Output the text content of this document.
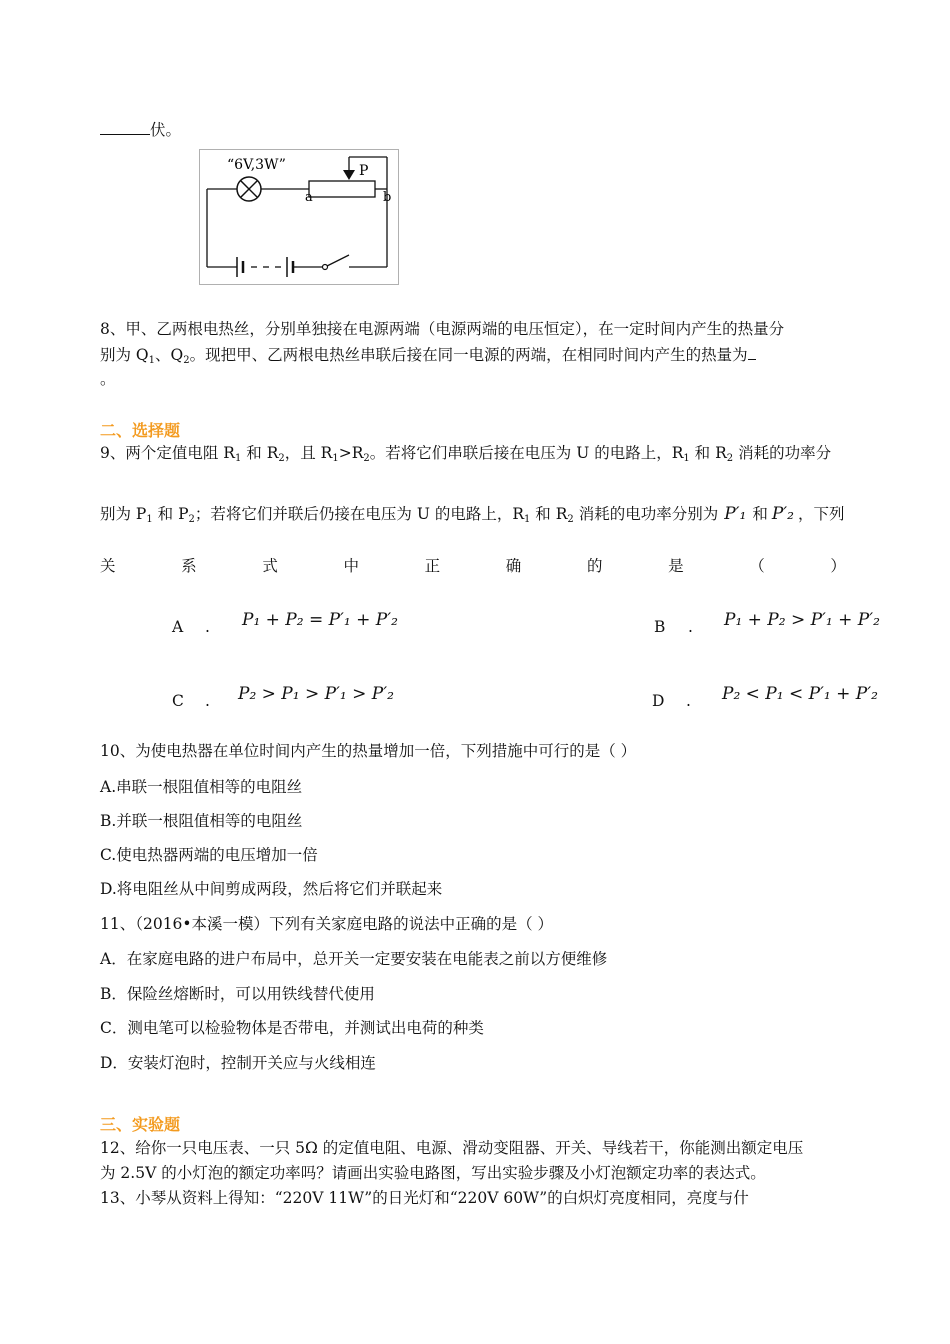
伏。
“6V,3W”
a	b
P
8、甲、乙两根电热丝，分别单独接在电源两端（电源两端的电压恒定），在一定时间内产生的热量分
别为 $Q_1$、$Q_2$。现把甲、乙两根电热丝串联后接在同一电源的两端，在相同时间内产生的热量为
。
二、选择题
9、两个定值电阻 $R_1$ 和 $R_2$，且 $R_1>R_2$。若将它们串联后接在电压为 U 的电路上，$R_1$ 和 $R_2$ 消耗的功率分
别为 $P_1$ 和 $P_2$；若将它们并联后仍接在电压为 U 的电路上，$R_1$ 和 $R_2$ 消耗的电功率分别为 P′₁ 和 P′₂ ，下列
关	系	式	中	正	确	的	是	（	）
A . P₁ + P₂ = P′₁ + P′₂	B . P₁ + P₂ > P′₁ + P′₂
C . P₂ > P₁ > P′₁ > P′₂	D . P₂ < P₁ < P′₁ + P′₂
10、为使电热器在单位时间内产生的热量增加一倍，下列措施中可行的是（ ）
A.串联一根阻值相等的电阻丝
B.并联一根阻值相等的电阻丝
C.使电热器两端的电压增加一倍
D.将电阻丝从中间剪成两段，然后将它们并联起来
11、（2016•本溪一模）下列有关家庭电路的说法中正确的是（ ）
A．在家庭电路的进户布局中，总开关一定要安装在电能表之前以方便维修
B．保险丝熔断时，可以用铁线替代使用
C．测电笔可以检验物体是否带电，并测试出电荷的种类
D．安装灯泡时，控制开关应与火线相连
三、实验题
12、给你一只电压表、一只 5Ω 的定值电阻、电源、滑动变阻器、开关、导线若干，你能测出额定电压
为 2.5V 的小灯泡的额定功率吗？请画出实验电路图，写出实验步骤及小灯泡额定功率的表达式。
13、小琴从资料上得知：“220V 11W”的日光灯和“220V 60W”的白炽灯亮度相同，亮度与什
